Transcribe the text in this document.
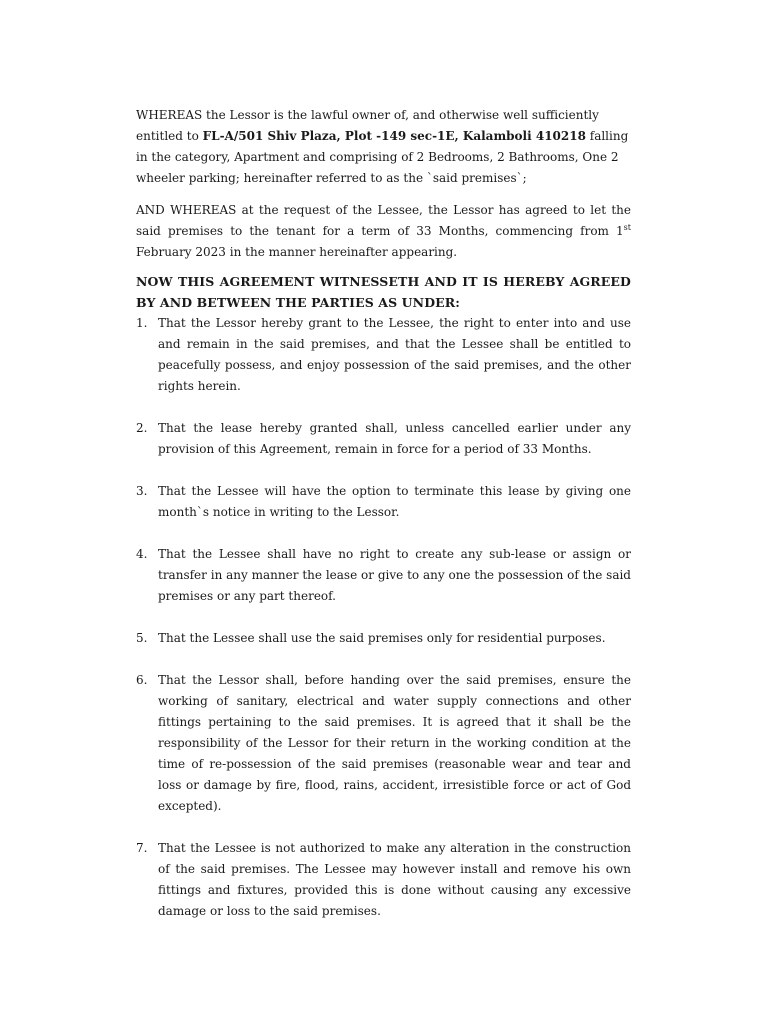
WHEREAS the Lessor is the lawful owner of, and otherwise well sufficiently entitled to FL-A/501 Shiv Plaza, Plot -149 sec-1E, Kalamboli 410218 falling in the category, Apartment and comprising of 2 Bedrooms, 2 Bathrooms, One 2 wheeler parking; hereinafter referred to as the `said premises`;

AND WHEREAS at the request of the Lessee, the Lessor has agreed to let the said premises to the tenant for a term of 33 Months, commencing from 1st February 2023 in the manner hereinafter appearing.

NOW THIS AGREEMENT WITNESSETH AND IT IS HEREBY AGREED BY AND BETWEEN THE PARTIES AS UNDER:

1. That the Lessor hereby grant to the Lessee, the right to enter into and use and remain in the said premises, and that the Lessee shall be entitled to peacefully possess, and enjoy possession of the said premises, and the other rights herein.
2. That the lease hereby granted shall, unless cancelled earlier under any provision of this Agreement, remain in force for a period of 33 Months.
3. That the Lessee will have the option to terminate this lease by giving one month`s notice in writing to the Lessor.
4. That the Lessee shall have no right to create any sub-lease or assign or transfer in any manner the lease or give to any one the possession of the said premises or any part thereof.
5. That the Lessee shall use the said premises only for residential purposes.
6. That the Lessor shall, before handing over the said premises, ensure the working of sanitary, electrical and water supply connections and other fittings pertaining to the said premises. It is agreed that it shall be the responsibility of the Lessor for their return in the working condition at the time of re-possession of the said premises (reasonable wear and tear and loss or damage by fire, flood, rains, accident, irresistible force or act of God excepted).
7. That the Lessee is not authorized to make any alteration in the construction of the said premises. The Lessee may however install and remove his own fittings and fixtures, provided this is done without causing any excessive damage or loss to the said premises.
